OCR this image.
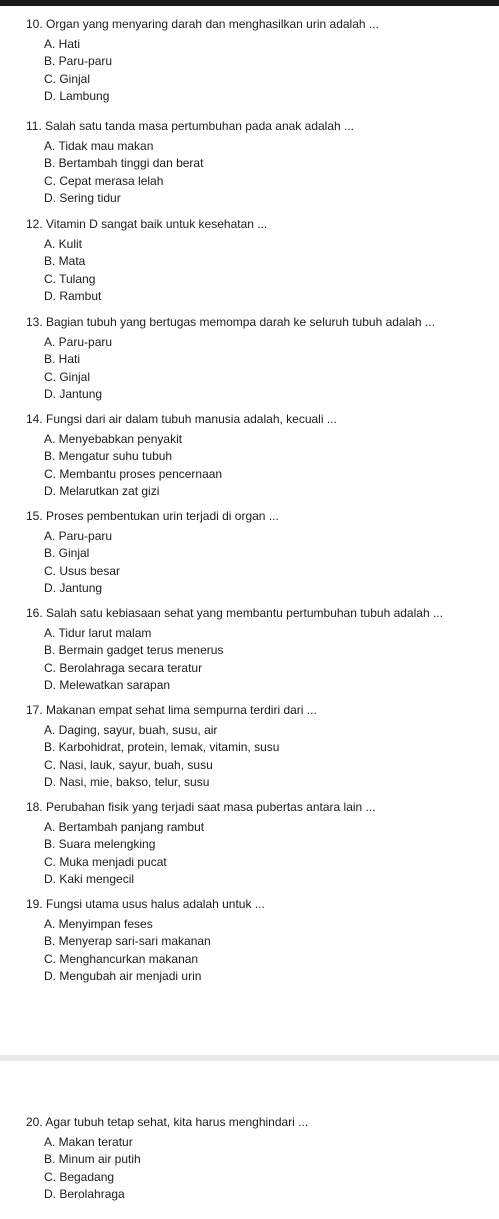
10. Organ yang menyaring darah dan menghasilkan urin adalah ...
A. Hati
B. Paru-paru
C. Ginjal
D. Lambung
11. Salah satu tanda masa pertumbuhan pada anak adalah ...
A. Tidak mau makan
B. Bertambah tinggi dan berat
C. Cepat merasa lelah
D. Sering tidur
12. Vitamin D sangat baik untuk kesehatan ...
A. Kulit
B. Mata
C. Tulang
D. Rambut
13. Bagian tubuh yang bertugas memompa darah ke seluruh tubuh adalah ...
A. Paru-paru
B. Hati
C. Ginjal
D. Jantung
14. Fungsi dari air dalam tubuh manusia adalah, kecuali ...
A. Menyebabkan penyakit
B. Mengatur suhu tubuh
C. Membantu proses pencernaan
D. Melarutkan zat gizi
15. Proses pembentukan urin terjadi di organ ...
A. Paru-paru
B. Ginjal
C. Usus besar
D. Jantung
16. Salah satu kebiasaan sehat yang membantu pertumbuhan tubuh adalah ...
A. Tidur larut malam
B. Bermain gadget terus menerus
C. Berolahraga secara teratur
D. Melewatkan sarapan
17. Makanan empat sehat lima sempurna terdiri dari ...
A. Daging, sayur, buah, susu, air
B. Karbohidrat, protein, lemak, vitamin, susu
C. Nasi, lauk, sayur, buah, susu
D. Nasi, mie, bakso, telur, susu
18. Perubahan fisik yang terjadi saat masa pubertas antara lain ...
A. Bertambah panjang rambut
B. Suara melengking
C. Muka menjadi pucat
D. Kaki mengecil
19. Fungsi utama usus halus adalah untuk ...
A. Menyimpan feses
B. Menyerap sari-sari makanan
C. Menghancurkan makanan
D. Mengubah air menjadi urin
20. Agar tubuh tetap sehat, kita harus menghindari ...
A. Makan teratur
B. Minum air putih
C. Begadang
D. Berolahraga
